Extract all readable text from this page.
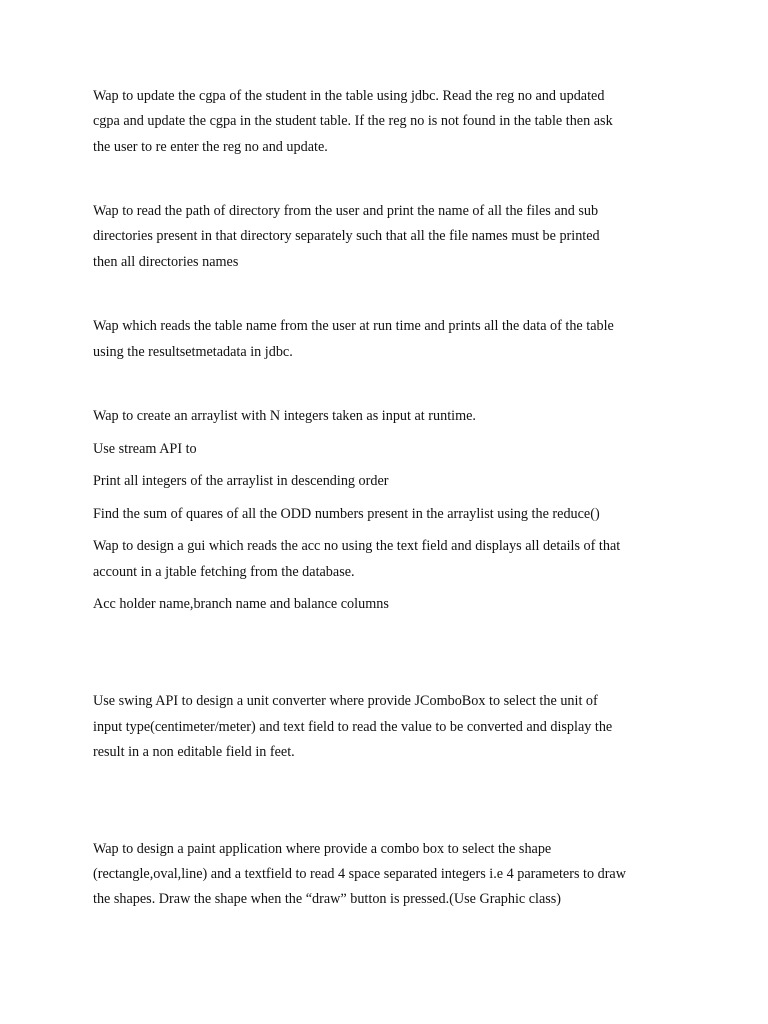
Wap to update the cgpa of the student in the table using jdbc. Read the reg no and updated
cgpa and update the cgpa in the student table. If the reg no is not found in the table then ask
the user to re enter the reg no and update.
Wap to read the path of directory from the user and print the name of all the files and sub
directories present in that directory separately such that all the file names must be printed
then all directories names
Wap which reads the table name from the user at run time and prints all the data of the table
using the resultsetmetadata in jdbc.
Wap to create an arraylist with N integers taken as input at runtime.
Use stream API to
Print all integers of the arraylist in descending order
Find the sum of quares of all the ODD numbers present in the arraylist using the reduce()
Wap to design a gui which reads the acc no using the text field and displays all details of that
account in a jtable fetching from the database.
Acc holder name,branch name and balance columns
Use swing API to design a unit converter where provide JComboBox to select the unit of
input type(centimeter/meter) and text field to read the value to be converted and display the
result in a non editable field in feet.
Wap to design a paint application where provide a combo box to select the shape
(rectangle,oval,line) and a textfield to read 4 space separated integers i.e 4 parameters to draw
the shapes. Draw the shape when the “draw” button is pressed.(Use Graphic class)
